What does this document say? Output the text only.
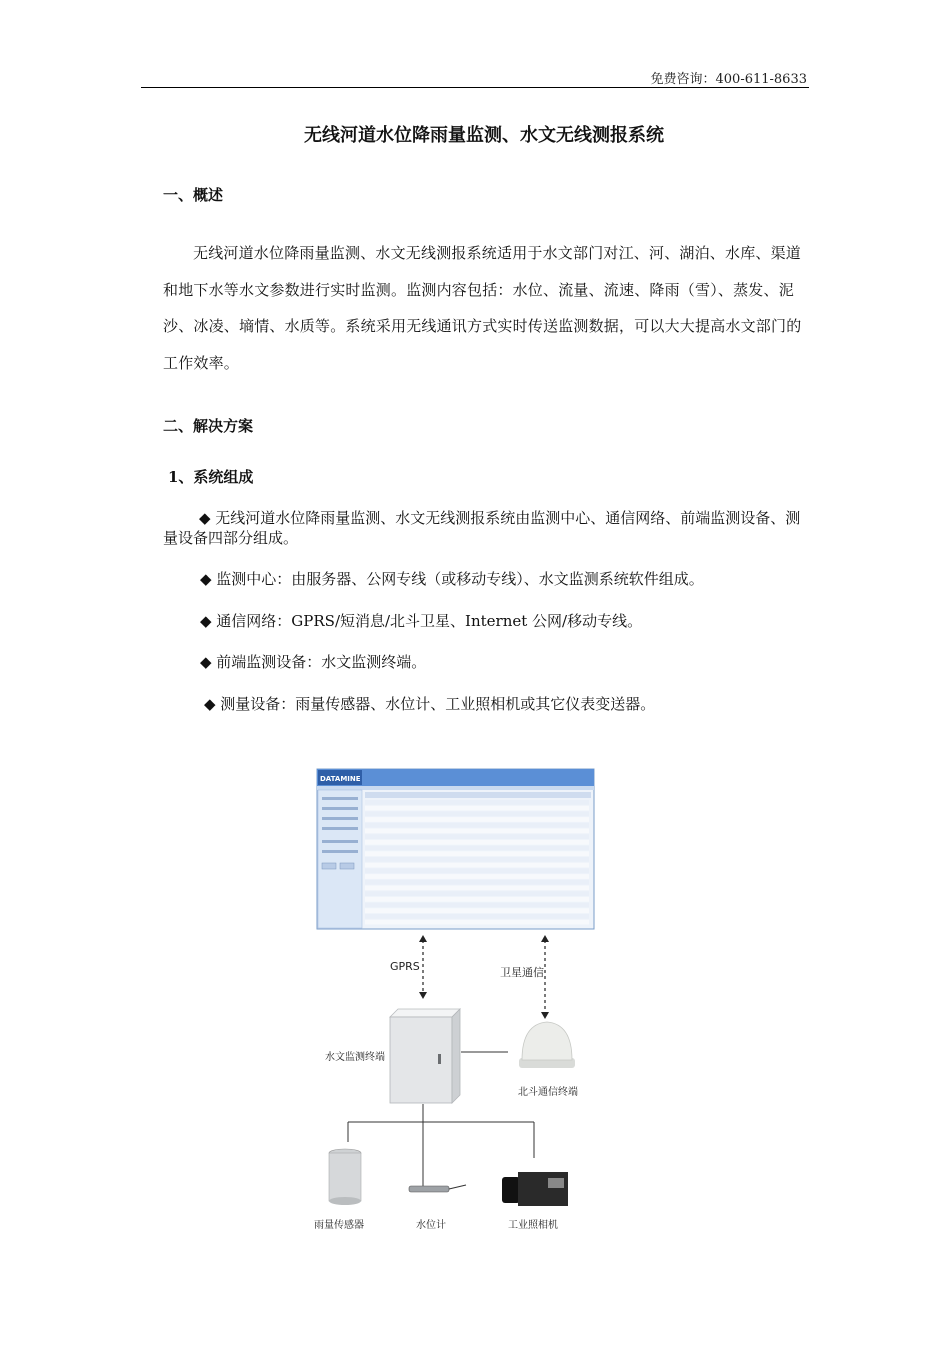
免费咨询：400-611-8633
无线河道水位降雨量监测、水文无线测报系统
一、概述
无线河道水位降雨量监测、水文无线测报系统适用于水文部门对江、河、湖泊、水库、渠道和地下水等水文参数进行实时监测。监测内容包括：水位、流量、流速、降雨（雪）、蒸发、泥沙、冰凌、墒情、水质等。系统采用无线通讯方式实时传送监测数据，可以大大提高水文部门的工作效率。
二、解决方案
1、系统组成
◆ 无线河道水位降雨量监测、水文无线测报系统由监测中心、通信网络、前端监测设备、测量设备四部分组成。
◆ 监测中心：由服务器、公网专线（或移动专线）、水文监测系统软件组成。
◆ 通信网络：GPRS/短消息/北斗卫星、Internet 公网/移动专线。
◆ 前端监测设备：水文监测终端。
◆ 测量设备：雨量传感器、水位计、工业照相机或其它仪表变送器。
DATAMINE
GPRS	卫星通信
水文监测终端
北斗通信终端
雨量传感器	水位计	工业照相机
